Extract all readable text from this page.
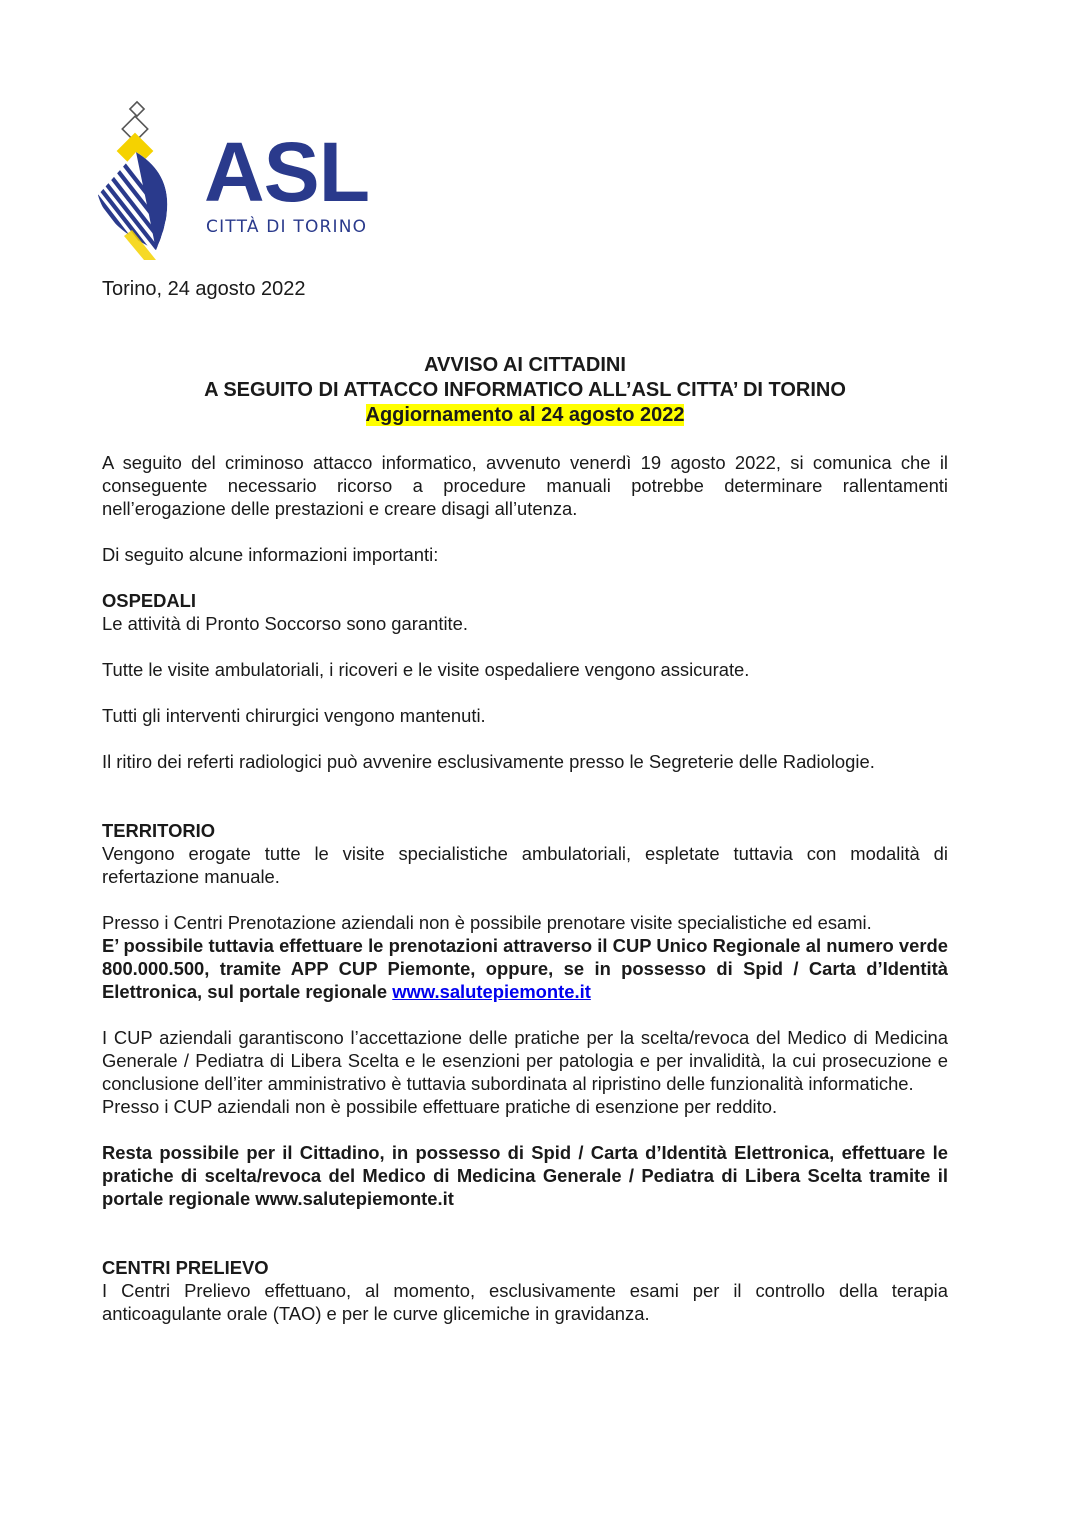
ASL
CITTÀ DI TORINO
Torino, 24 agosto 2022
AVVISO AI CITTADINI
A SEGUITO DI ATTACCO INFORMATICO ALL’ASL CITTA’ DI TORINO
Aggiornamento al 24 agosto 2022

A seguito del criminoso attacco informatico, avvenuto venerdì 19 agosto 2022, si comunica che il conseguente necessario ricorso a procedure manuali potrebbe determinare rallentamenti nell’erogazione delle prestazioni e creare disagi all’utenza.

Di seguito alcune informazioni importanti:

OSPEDALI

Le attività di Pronto Soccorso sono garantite.

Tutte le visite ambulatoriali, i ricoveri e le visite ospedaliere vengono assicurate.

Tutti gli interventi chirurgici vengono mantenuti.

Il ritiro dei referti radiologici può avvenire esclusivamente presso le Segreterie delle Radiologie.

TERRITORIO

Vengono erogate tutte le visite specialistiche ambulatoriali, espletate tuttavia con modalità di refertazione manuale.

Presso i Centri Prenotazione aziendali non è possibile prenotare visite specialistiche ed esami.

E’ possibile tuttavia effettuare le prenotazioni attraverso il CUP Unico Regionale al numero verde 800.000.500, tramite APP CUP Piemonte, oppure, se in possesso di Spid / Carta d’Identità Elettronica, sul portale regionale www.salutepiemonte.it

I CUP aziendali garantiscono l’accettazione delle pratiche per la scelta/revoca del Medico di Medicina Generale / Pediatra di Libera Scelta e le esenzioni per patologia e per invalidità, la cui prosecuzione e conclusione dell’iter amministrativo è tuttavia subordinata al ripristino delle funzionalità informatiche.

Presso i CUP aziendali non è possibile effettuare pratiche di esenzione per reddito.

Resta possibile per il Cittadino, in possesso di Spid / Carta d’Identità Elettronica, effettuare le pratiche di scelta/revoca del Medico di Medicina Generale / Pediatra di Libera Scelta tramite il portale regionale www.salutepiemonte.it

CENTRI PRELIEVO

I Centri Prelievo effettuano, al momento, esclusivamente esami per il controllo della terapia anticoagulante orale (TAO) e per le curve glicemiche in gravidanza.
